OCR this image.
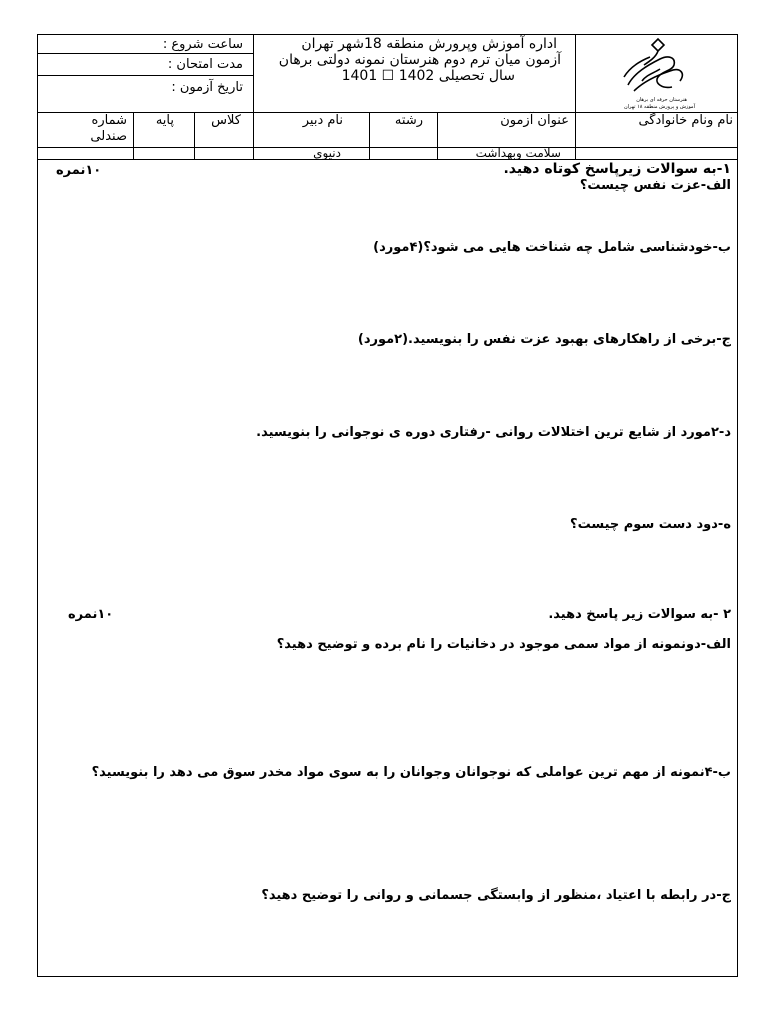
ساعت شروع :
مدت امتحان :
تاریخ آزمون :
اداره آموزش وپرورش منطقه 18شهر تهران
آزمون میان ترم دوم هنرستان نمونه دولتی برهان
سال تحصیلی 1402 ☐ 1401
هنرستان حرفه ای برهان
آموزش و پرورش منطقه ۱۸ تهران
نام ونام خانوادگی
عنوان آزمون
سلامت وبهداشت
رشته
نام دبیر
دنیوی
کلاس
پایه
شماره صندلی
۱-به سوالات زیرپاسخ کوتاه دهید.
۱۰نمره
الف-عزت نفس چیست؟
ب-خودشناسی شامل چه شناخت هایی می شود؟(۴مورد)
ج-برخی از راهکارهای بهبود عزت نفس را بنویسید.(۲مورد)
د-۲مورد از شایع ترین اختلالات روانی -رفتاری دوره ی نوجوانی را بنویسید.
ه-دود دست سوم چیست؟
۲ -به سوالات زیر پاسخ دهید.
۱۰نمره
الف-دونمونه از مواد سمی موجود در دخانیات را نام برده و توضیح دهید؟
ب-۴نمونه از مهم ترین عواملی که نوجوانان وجوانان را به سوی مواد مخدر سوق می دهد را بنویسید؟
ج-در رابطه با اعتیاد ،منظور از وابستگی جسمانی و روانی را توضیح دهید؟
